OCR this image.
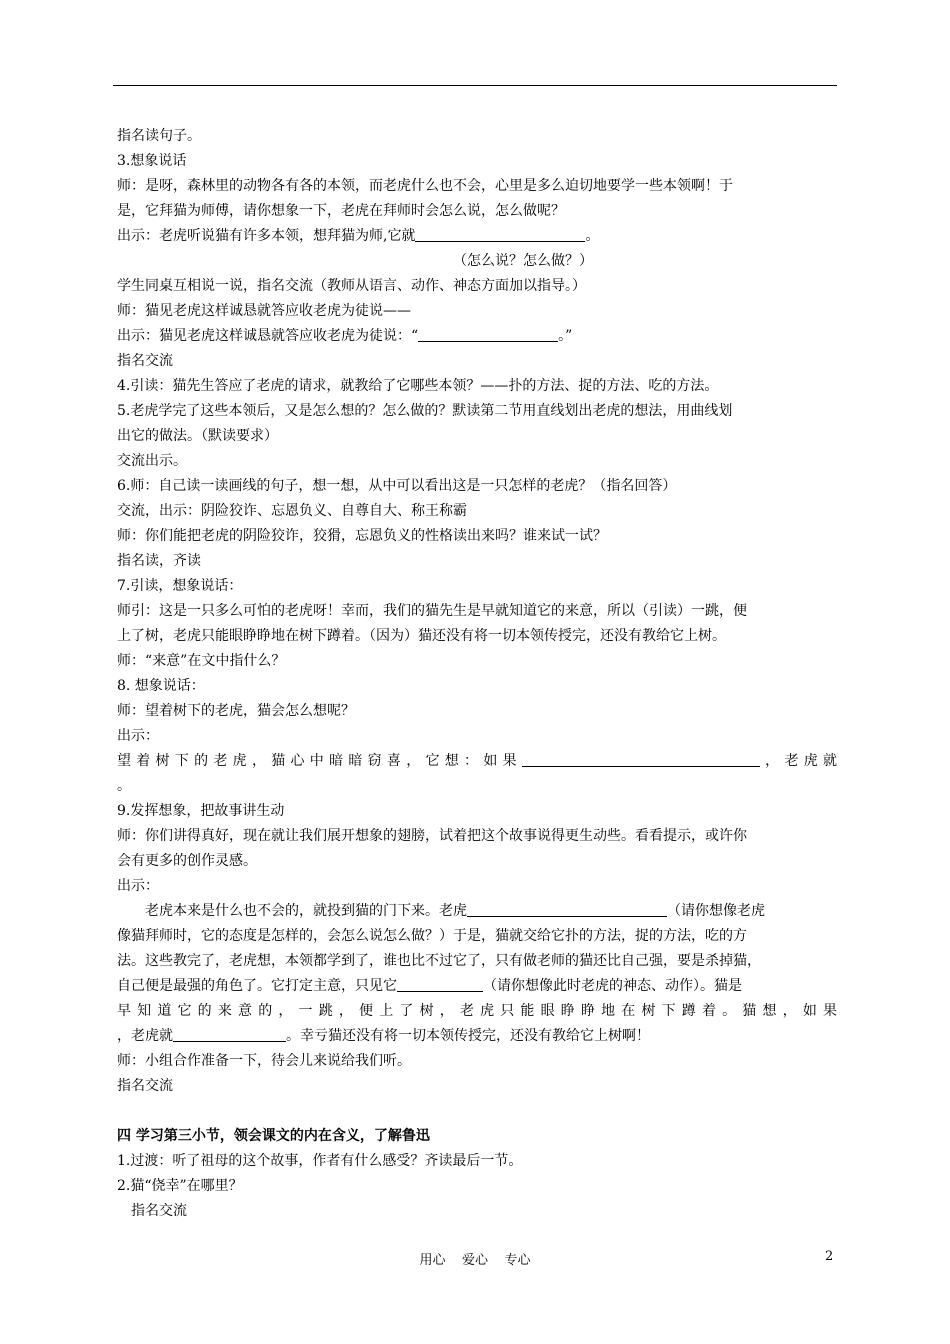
指名读句子。
3.想象说话
师：是呀，森林里的动物各有各的本领，而老虎什么也不会，心里是多么迫切地要学一些本领啊！于
是，它拜猫为师傅，请你想象一下，老虎在拜师时会怎么说，怎么做呢？
出示：老虎听说猫有许多本领，想拜猫为师,它就	。
（怎么说？怎么做？）
学生同桌互相说一说，指名交流（教师从语言、动作、神态方面加以指导。）
师：猫见老虎这样诚恳就答应收老虎为徒说——
出示：猫见老虎这样诚恳就答应收老虎为徒说：“	。”
指名交流
4.引读：猫先生答应了老虎的请求，就教给了它哪些本领？——扑的方法、捉的方法、吃的方法。
5.老虎学完了这些本领后，又是怎么想的？怎么做的？默读第二节用直线划出老虎的想法，用曲线划
出它的做法。（默读要求）
交流出示。
6.师：自己读一读画线的句子，想一想，从中可以看出这是一只怎样的老虎？（指名回答）
交流，出示：阴险狡诈、忘恩负义、自尊自大、称王称霸
师：你们能把老虎的阴险狡诈，狡猾，忘恩负义的性格读出来吗？谁来试一试？
指名读，齐读
7.引读，想象说话：
师引：这是一只多么可怕的老虎呀！幸而，我们的猫先生是早就知道它的来意，所以（引读）一跳，便
上了树，老虎只能眼睁睁地在树下蹲着。（因为）猫还没有将一切本领传授完，还没有教给它上树。
师：“来意”在文中指什么？
8. 想象说话：
师：望着树下的老虎，猫会怎么想呢？
出示：
望着树下的老虎，猫心中暗暗窃喜，它想：如果	，老虎就
。
9.发挥想象，把故事讲生动
师：你们讲得真好，现在就让我们展开想象的翅膀，试着把这个故事说得更生动些。看看提示，或许你
会有更多的创作灵感。
出示：
老虎本来是什么也不会的，就投到猫的门下来。老虎	（请你想像老虎
像猫拜师时，它的态度是怎样的，会怎么说怎么做？）于是，猫就交给它扑的方法，捉的方法，吃的方
法。这些教完了，老虎想，本领都学到了，谁也比不过它了，只有做老师的猫还比自己强，要是杀掉猫，
自己便是最强的角色了。它打定主意，只见它	（请你想像此时老虎的神态、动作）。猫是
早知道它的来意的，一跳，便上了树，老虎只能眼睁睁地在树下蹲着。猫想，如果
，老虎就	。幸亏猫还没有将一切本领传授完，还没有教给它上树啊！
师：小组合作准备一下，待会儿来说给我们听。
指名交流
四 学习第三小节，领会课文的内在含义，了解鲁迅
1.过渡：听了祖母的这个故事，作者有什么感受？齐读最后一节。
2.猫“侥幸”在哪里？
指名交流
用心    爱心    专心	2
